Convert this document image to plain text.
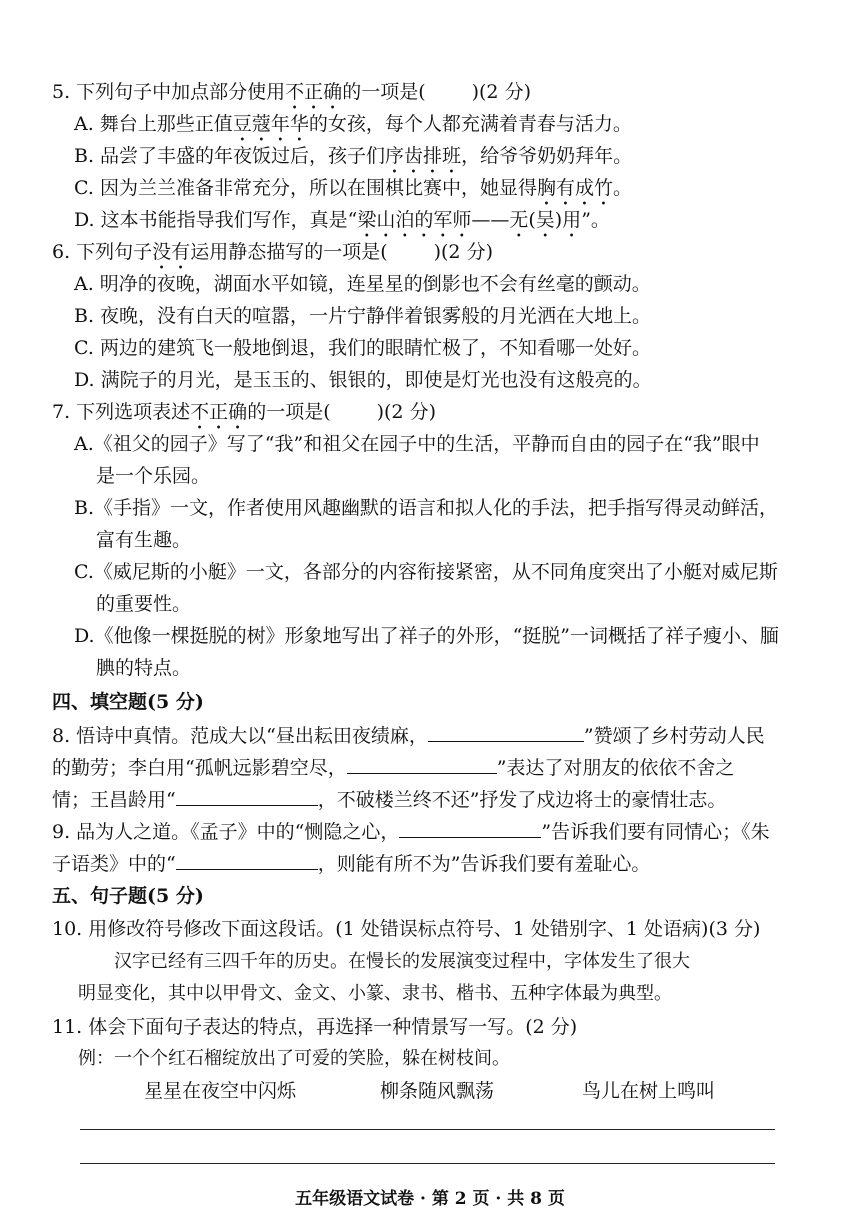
5. 下列句子中加点部分使用不正确的一项是( )(2 分)
A. 舞台上那些正值豆蔻年华的女孩，每个人都充满着青春与活力。
B. 品尝了丰盛的年夜饭过后，孩子们序齿排班，给爷爷奶奶拜年。
C. 因为兰兰准备非常充分，所以在围棋比赛中，她显得胸有成竹。
D. 这本书能指导我们写作，真是“梁山泊的军师——无(吴)用”。
6. 下列句子没有运用静态描写的一项是( )(2 分)
A. 明净的夜晚，湖面水平如镜，连星星的倒影也不会有丝毫的颤动。
B. 夜晚，没有白天的喧嚣，一片宁静伴着银雾般的月光洒在大地上。
C. 两边的建筑飞一般地倒退，我们的眼睛忙极了，不知看哪一处好。
D. 满院子的月光，是玉玉的、银银的，即使是灯光也没有这般亮的。
7. 下列选项表述不正确的一项是( )(2 分)
A.《祖父的园子》写了“我”和祖父在园子中的生活，平静而自由的园子在“我”眼中
是一个乐园。
B.《手指》一文，作者使用风趣幽默的语言和拟人化的手法，把手指写得灵动鲜活，
富有生趣。
C.《威尼斯的小艇》一文，各部分的内容衔接紧密，从不同角度突出了小艇对威尼斯
的重要性。
D.《他像一棵挺脱的树》形象地写出了祥子的外形，“挺脱”一词概括了祥子瘦小、腼
腆的特点。
四、填空题(5 分)
8. 悟诗中真情。范成大以“昼出耘田夜绩麻，	”赞颂了乡村劳动人民
的勤劳；李白用“孤帆远影碧空尽，	”表达了对朋友的依依不舍之
情；王昌龄用“	，不破楼兰终不还”抒发了戍边将士的豪情壮志。
9. 品为人之道。《孟子》中的“恻隐之心，	”告诉我们要有同情心；《朱
子语类》中的“	，则能有所不为”告诉我们要有羞耻心。
五、句子题(5 分)
10. 用修改符号修改下面这段话。(1 处错误标点符号、1 处错别字、1 处语病)(3 分)
汉字已经有三四千年的历史。在慢长的发展演变过程中，字体发生了很大
明显变化，其中以甲骨文、金文、小篆、隶书、楷书、五种字体最为典型。
11. 体会下面句子表达的特点，再选择一种情景写一写。(2 分)
例：一个个红石榴绽放出了可爱的笑脸，躲在树枝间。
星星在夜空中闪烁	柳条随风飘荡	鸟儿在树上鸣叫
五年级语文试卷 · 第 2 页 · 共 8 页
